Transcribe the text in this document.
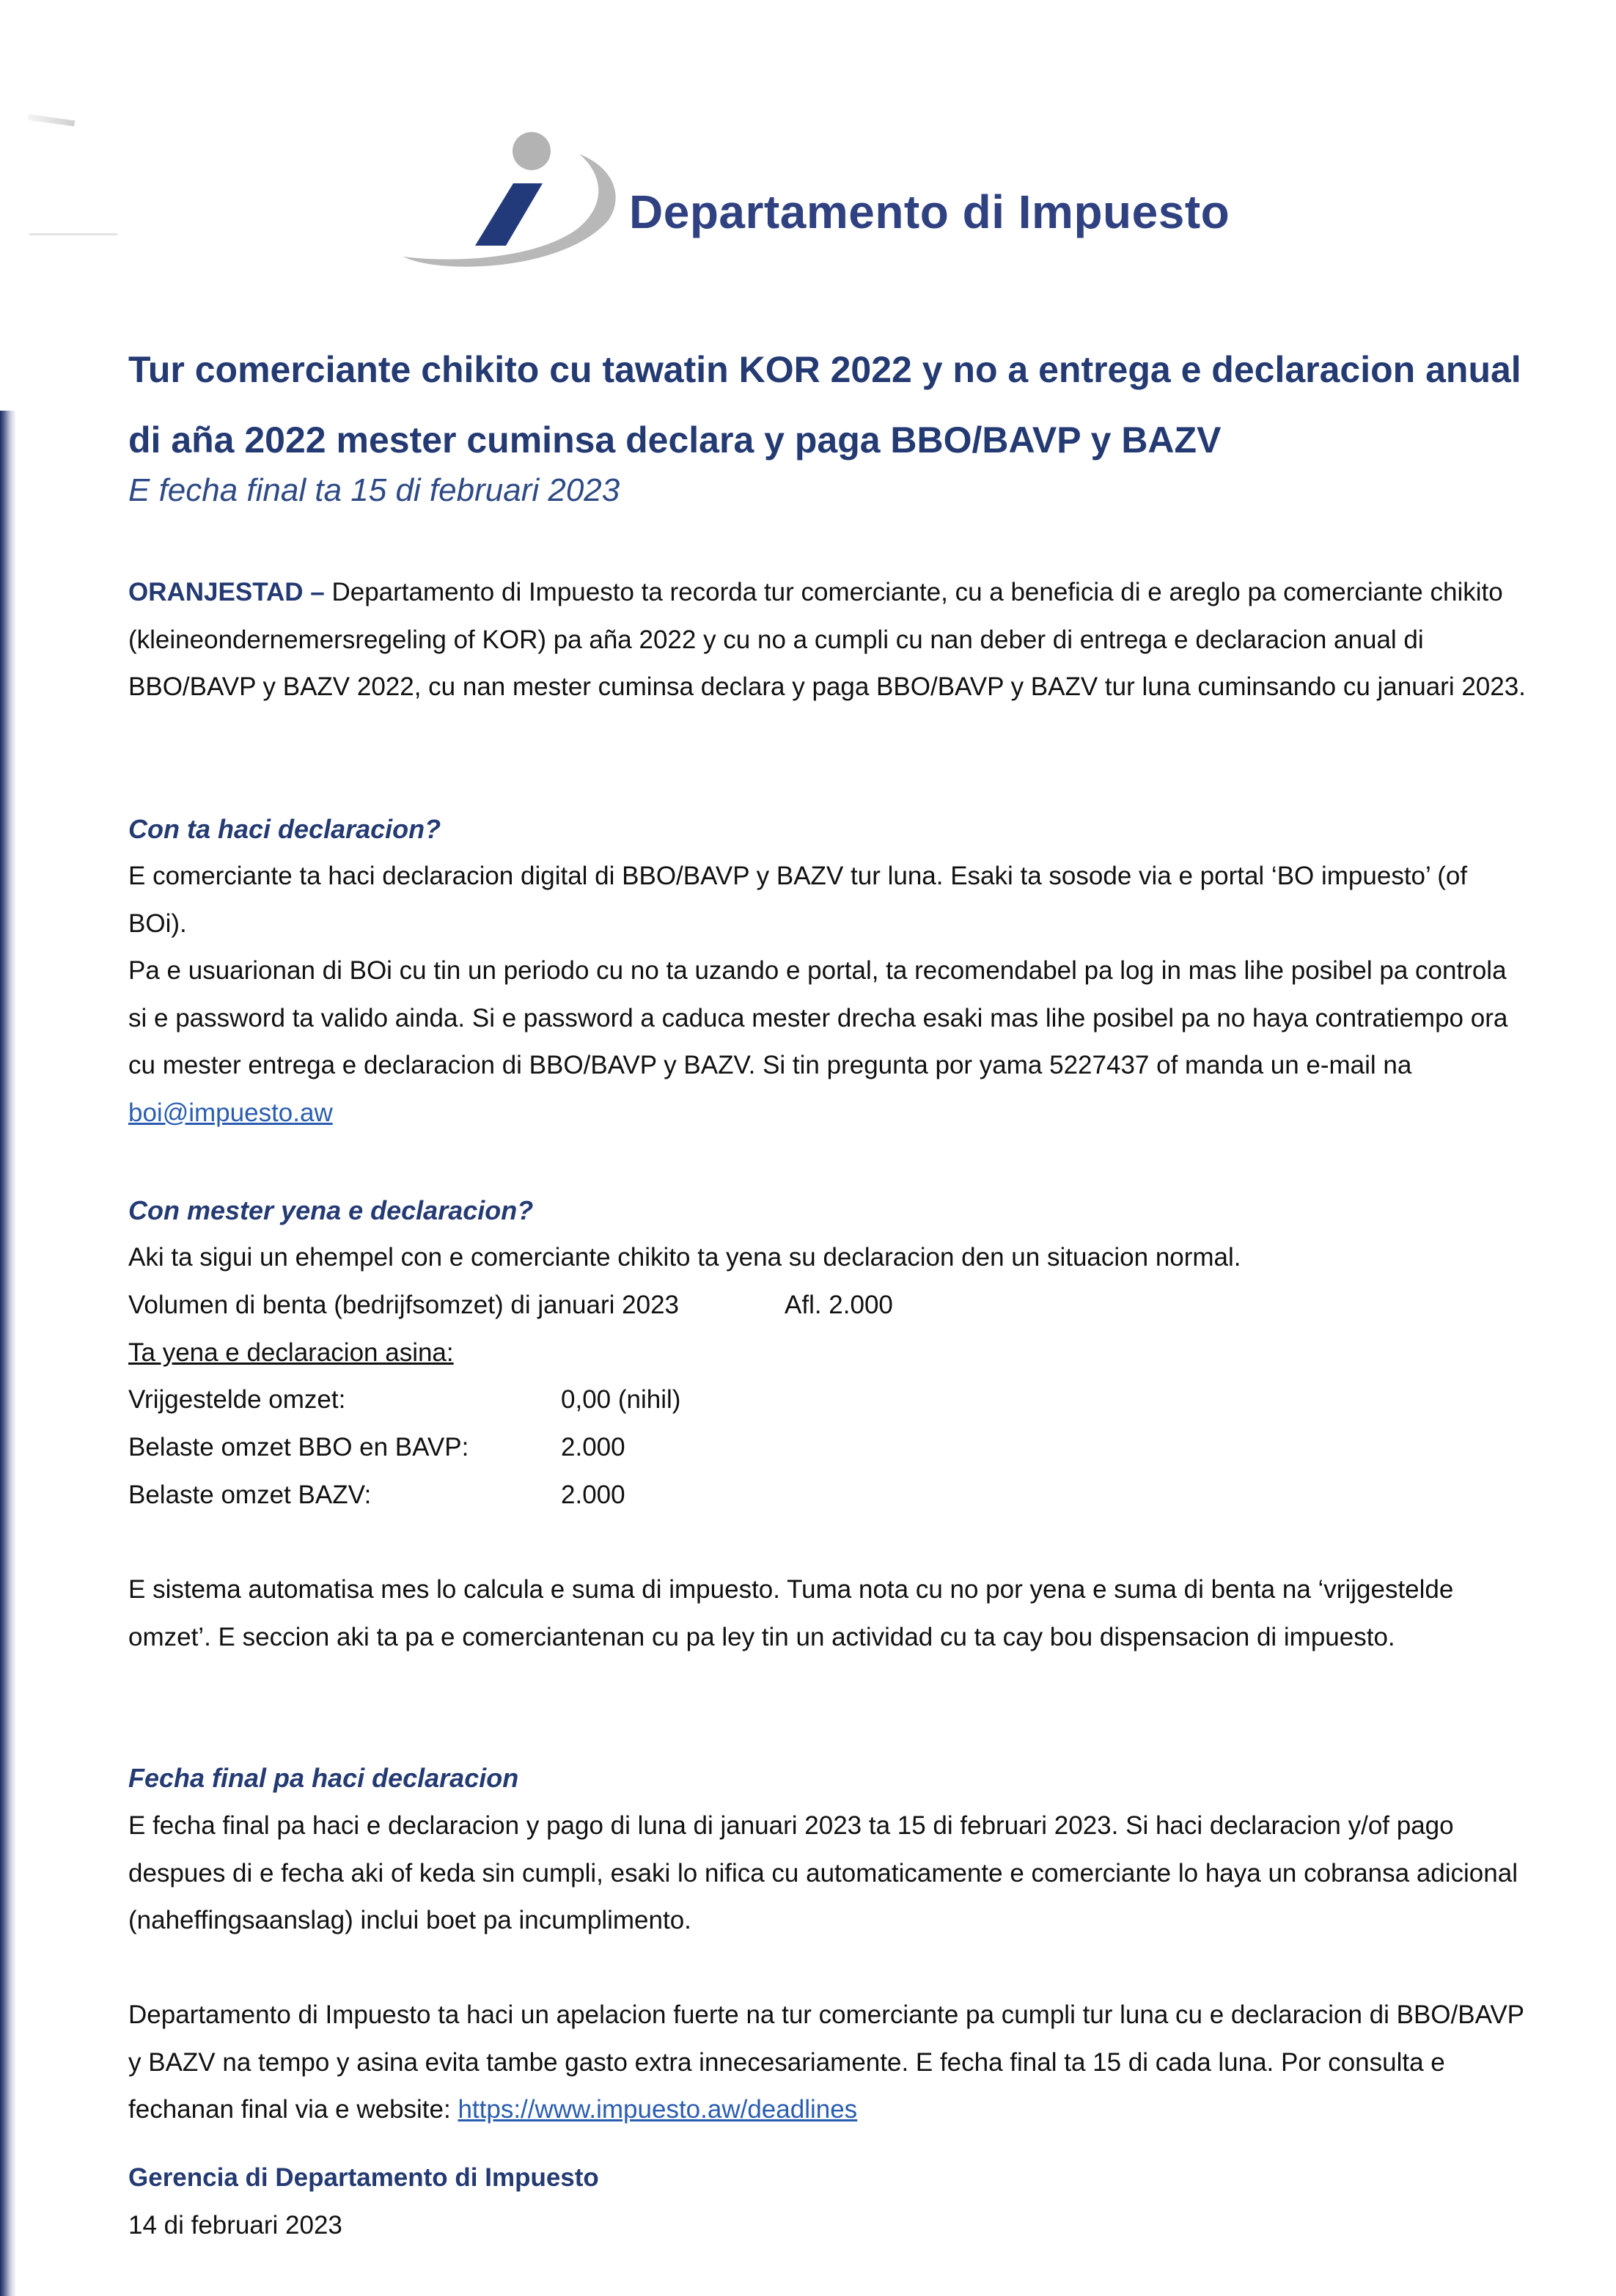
Departamento di Impuesto
Tur comerciante chikito cu tawatin KOR 2022 y no a entrega e declaracion anual di aña 2022 mester cuminsa declara y paga BBO/BAVP y BAZV
E fecha final ta 15 di februari 2023

ORANJESTAD – Departamento di Impuesto ta recorda tur comerciante, cu a beneficia di e areglo pa comerciante chikito (kleineondernemersregeling of KOR) pa aña 2022 y cu no a cumpli cu nan deber di entrega e declaracion anual di BBO/BAVP y BAZV 2022, cu nan mester cuminsa declara y paga BBO/BAVP y BAZV tur luna cuminsando cu januari 2023.

Con ta haci declaracion?

E comerciante ta haci declaracion digital di BBO/BAVP y BAZV tur luna. Esaki ta sosode via e portal ‘BO impuesto’ (of BOi).

Pa e usuarionan di BOi cu tin un periodo cu no ta uzando e portal, ta recomendabel pa log in mas lihe posibel pa controla si e password ta valido ainda. Si e password a caduca mester drecha esaki mas lihe posibel pa no haya contratiempo ora cu mester entrega e declaracion di BBO/BAVP y BAZV. Si tin pregunta por yama 5227437 of manda un e-mail na boi@impuesto.aw

Con mester yena e declaracion?

Aki ta sigui un ehempel con e comerciante chikito ta yena su declaracion den un situacion normal.

Volumen di benta (bedrijfsomzet) di januari 2023	Afl. 2.000
Ta yena e declaracion asina:
Vrijgestelde omzet:	0,00 (nihil)
Belaste omzet BBO en BAVP:	2.000
Belaste omzet BAZV:	2.000

E sistema automatisa mes lo calcula e suma di impuesto. Tuma nota cu no por yena e suma di benta na ‘vrijgestelde omzet’. E seccion aki ta pa e comerciantenan cu pa ley tin un actividad cu ta cay bou dispensacion di impuesto.

Fecha final pa haci declaracion

E fecha final pa haci e declaracion y pago di luna di januari 2023 ta 15 di februari 2023. Si haci declaracion y/of pago despues di e fecha aki of keda sin cumpli, esaki lo nifica cu automaticamente e comerciante lo haya un cobransa adicional (naheffingsaanslag) inclui boet pa incumplimento.

Departamento di Impuesto ta haci un apelacion fuerte na tur comerciante pa cumpli tur luna cu e declaracion di BBO/BAVP y BAZV na tempo y asina evita tambe gasto extra innecesariamente. E fecha final ta 15 di cada luna. Por consulta e fechanan final via e website: https://www.impuesto.aw/deadlines

Gerencia di Departamento di Impuesto
14 di februari 2023
